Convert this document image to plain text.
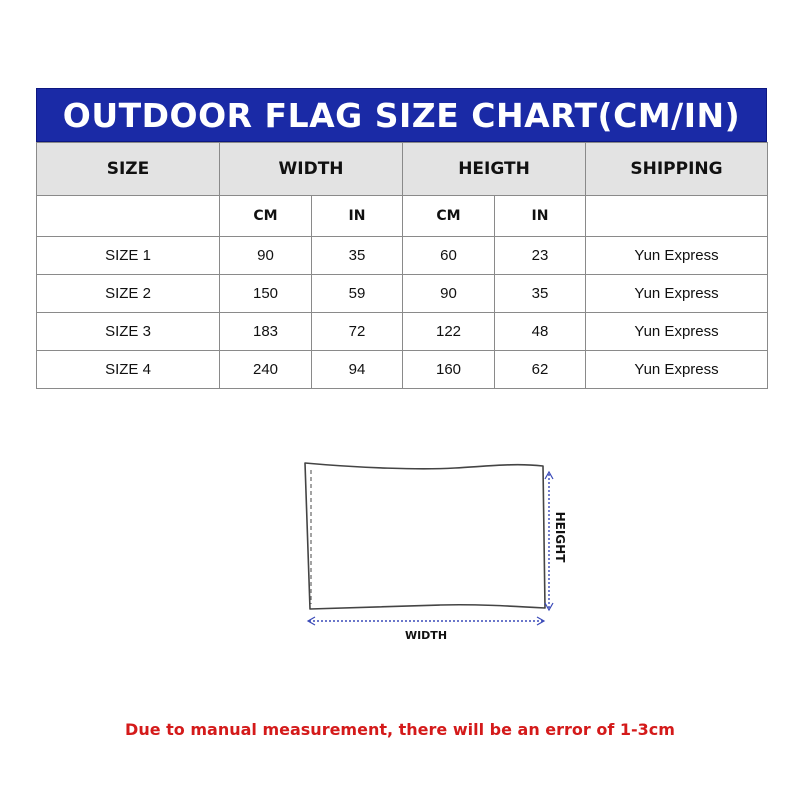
OUTDOOR FLAG SIZE CHART(CM/IN)
SIZE	WIDTH		HEIGTH		SHIPPING
	CM	IN	CM	IN	
SIZE 1	90	35	60	23	Yun Express
SIZE 2	150	59	90	35	Yun Express
SIZE 3	183	72	122	48	Yun Express
SIZE 4	240	94	160	62	Yun Express
WIDTH
HEIGHT
Due to manual measurement, there will be an error of 1-3cm
